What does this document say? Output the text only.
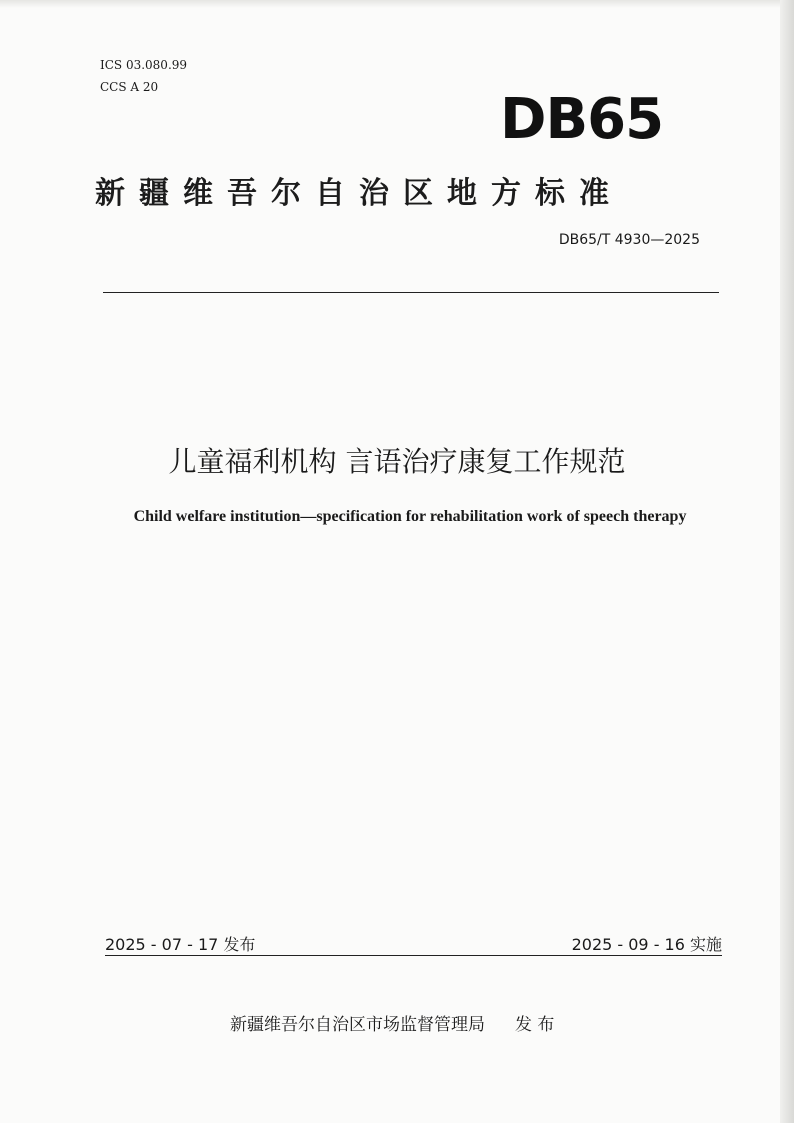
ICS 03.080.99
CCS A 20	DB65
新疆维吾尔自治区地方标准
DB65/T 4930—2025
儿童福利机构 言语治疗康复工作规范
Child welfare institution—specification for rehabilitation work of speech therapy
2025 - 07 - 17 发布	2025 - 09 - 16 实施
新疆维吾尔自治区市场监督管理局 发 布
